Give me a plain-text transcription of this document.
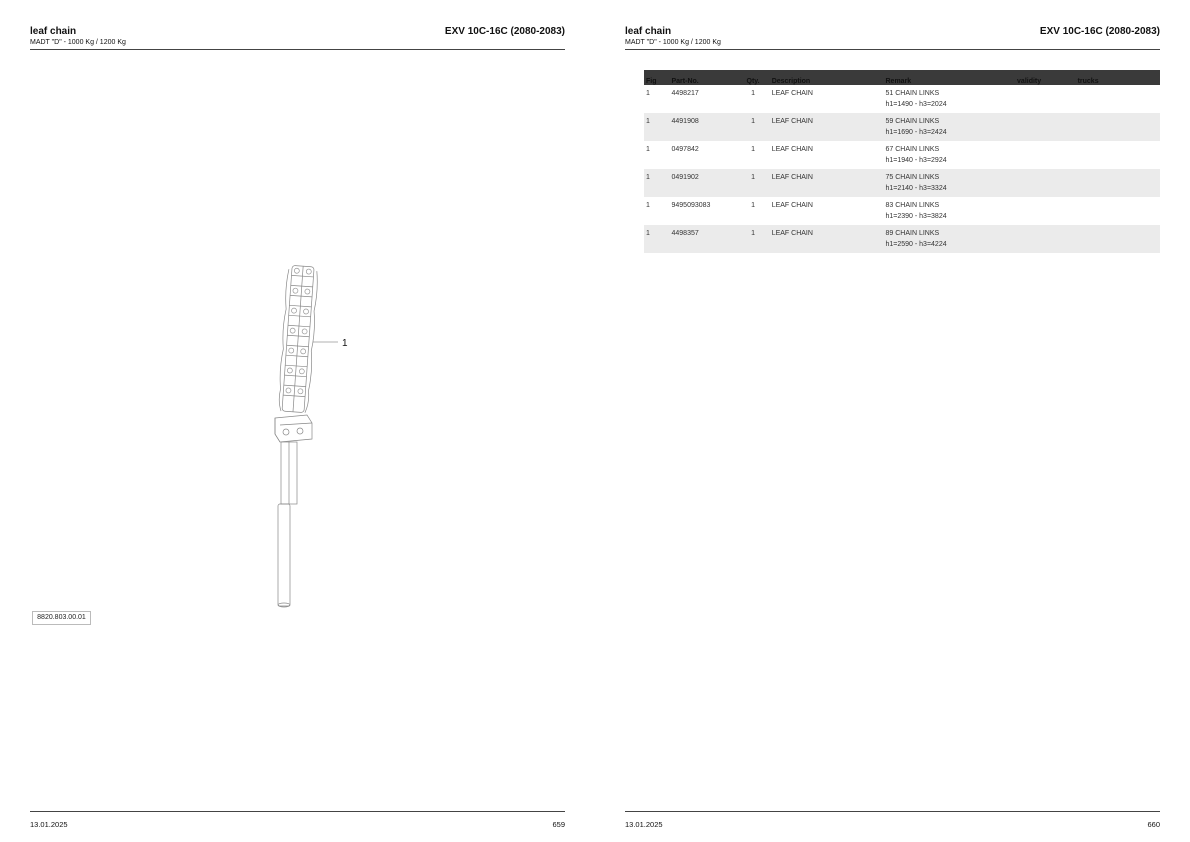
leaf chain
MADT "D" - 1000 Kg / 1200 Kg
EXV 10C-16C (2080-2083)
1
8820.803.00.01
13.01.2025	659
leaf chain
MADT "D" - 1000 Kg / 1200 Kg
EXV 10C-16C (2080-2083)
Fig	Part-No.	Qty.	Description	Remark	validity	trucks
1	4498217	1	LEAF CHAIN	51 CHAIN LINKS
h1=1490 - h3=2024		

1	4491908	1	LEAF CHAIN	59 CHAIN LINKS
h1=1690 - h3=2424		

1	0497842	1	LEAF CHAIN	67 CHAIN LINKS
h1=1940 - h3=2924		

1	0491902	1	LEAF CHAIN	75 CHAIN LINKS
h1=2140 - h3=3324		

1	9495093083	1	LEAF CHAIN	83 CHAIN LINKS
h1=2390 - h3=3824		

1	4498357	1	LEAF CHAIN	89 CHAIN LINKS
h1=2590 - h3=4224		

13.01.2025	660
